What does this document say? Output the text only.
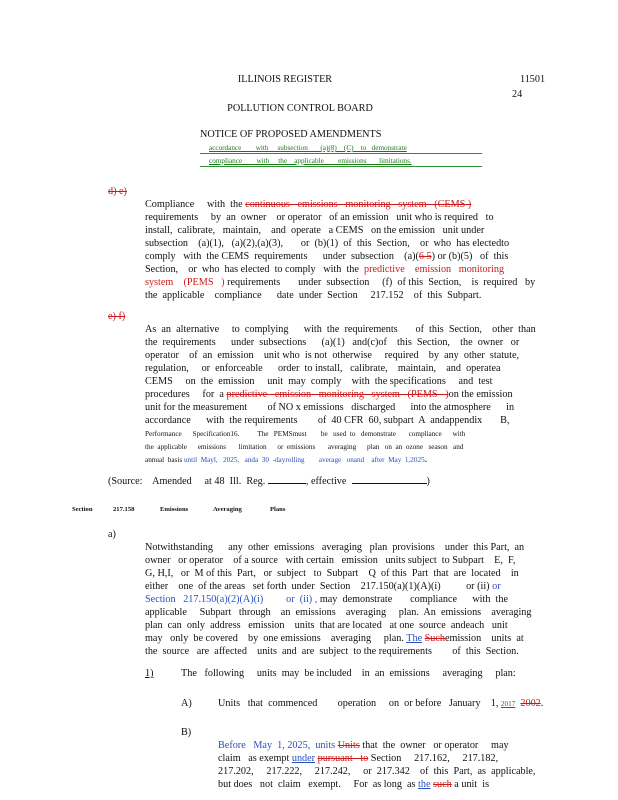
ILLINOIS REGISTER	11501
24
POLLUTION CONTROL BOARD
NOTICE OF PROPOSED AMENDMENTS
accordance        with     subsection       (a)(8)    (C)    to   demonstrate
compliance        with     the    applicable        emissions       limitations.
d) e)

Compliance     with  the continuous   emissions   monitoring   system   (CEMS )
requirements     by  an  owner    or operator   of an emission   unit who is required   to
install,  calibrate,   maintain,    and  operate   a CEMS   on the emission   unit under
subsection    (a)(1),   (a)(2),(a)(3),       or  (b)(1)  of  this  Section,    or  who  has electedto
comply   with  the CEMS  requirements      under  subsection    (a)(6 5) or (b)(5)   of  this
Section,    or  who  has elected  to comply   with  the predictive    emission   monitoring
system    (PEMS   ) requirements       under  subsection     (f)  of this  Section,    is  required   by
the  applicable    compliance      date  under  Section     217.152    of  this  Subpart.
e) f)

As  an  alternative     to  complying      with  the  requirements       of  this  Section,    other  than
the  requirements      under  subsections      (a)(1)   and(c)of    this  Section,    the  owner   or
operator    of  an  emission    unit who  is not  otherwise     required    by  any  other  statute,
regulation,     or  enforceable      order  to install,   calibrate,    maintain,    and  operatea
CEMS     on  the  emission     unit  may  comply    with  the specifications     and  test
procedures     for  a predictive   emission   monitoring   system   (PEMS   )on the emission
unit for the measurement        of NO x emissions   discharged      into the atmosphere      in
accordance      with  the requirements        of  40 CFR  60, subpart  A  andappendix       B,
Performance      Specification16.          The   PEMSmust        be   used  to   demonstrate       compliance      with
the  applicable      emissions       limitation      or  emissions       averaging      plan   on  an  ozone   season   and
annual  basis until  Mayl,   2025,   anda  30  -dayrolling        average   onand    after  May  1,2025.
(Source:    Amended     at 48  Ill.  Reg.	, effective	)
Section	217.158	Emissions	Averaging	Plans
a)

Notwithstanding      any  other  emissions   averaging   plan  provisions    under  this Part,  an
owner   or operator    of a source   with certain   emission   units subject  to Subpart    E,  F,
G, H,I,   or  M of this  Part,   or  subject   to  Subpart    Q  of this  Part  that  are  located    in
either    one  of the areas   set forth  under  Section    217.150(a)(1)(A)(i)          or (ii) or
Section   217.150(a)(2)(A)(i)         or  (ii) , may  demonstrate       compliance      with  the
applicable     Subpart   through    an  emissions    averaging     plan.  An  emissions    averaging
plan  can  only  address   emission    units  that are located   at one  source  andeach   unit
may   only  be covered    by  one emissions    averaging     plan. The Suchemission    units  at
the  source   are  affected    units  and  are  subject  to the requirements        of  this  Section.
1)	The   following     units  may  be included    in  an  emissions     averaging     plan:
A)	Units   that  commenced        operation     on  or before   January    1, 2017 2002.
B)

Before   May  1, 2025,  units Units that  the  owner   or operator     may
claim   as exempt under pursuant   to Section     217.162,     217.182,
217.202,     217.222,     217.242,     or  217.342    of  this  Part,  as  applicable,
but does   not  claim   exempt.     For  as long  as the such a unit  is
